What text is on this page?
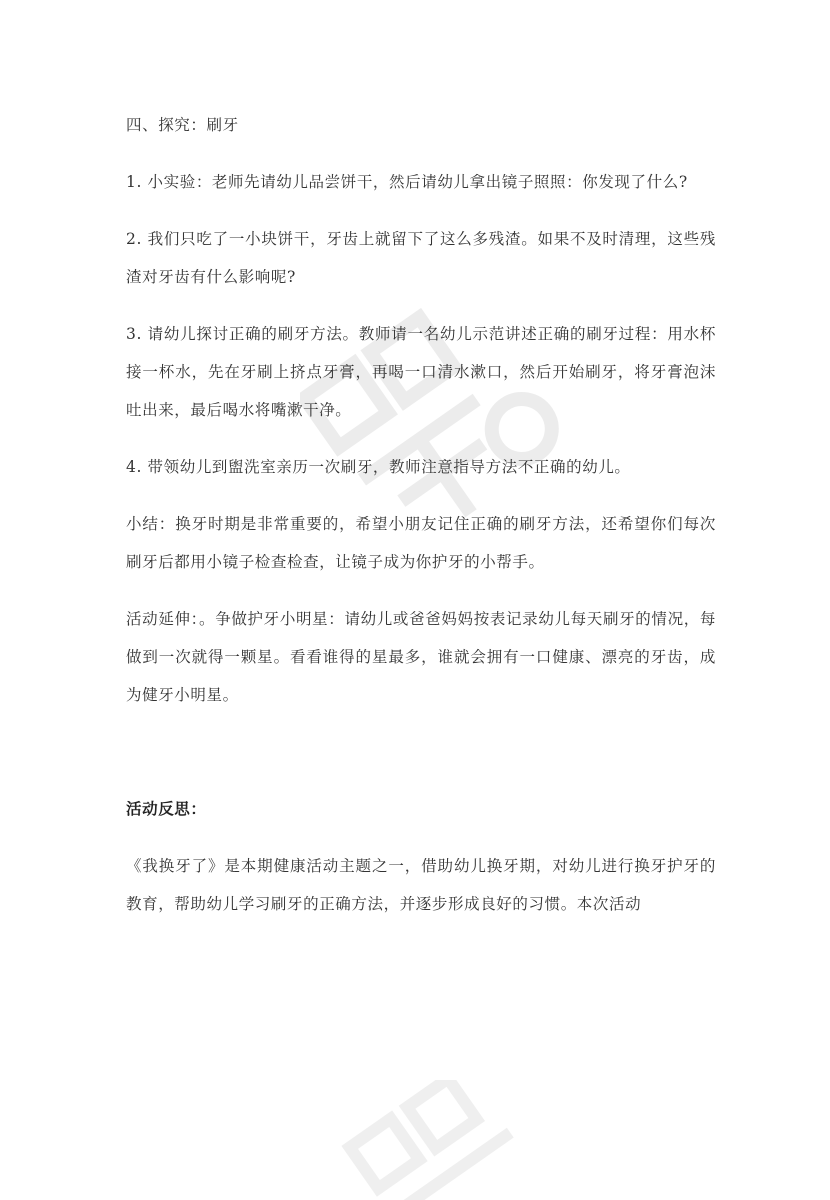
四、探究：刷牙

1. 小实验：老师先请幼儿品尝饼干，然后请幼儿拿出镜子照照：你发现了什么?

2. 我们只吃了一小块饼干，牙齿上就留下了这么多残渣。如果不及时清理，这些残渣对牙齿有什么影响呢?

3. 请幼儿探讨正确的刷牙方法。教师请一名幼儿示范讲述正确的刷牙过程：用水杯接一杯水，先在牙刷上挤点牙膏，再喝一口清水漱口，然后开始刷牙，将牙膏泡沫吐出来，最后喝水将嘴漱干净。

4. 带领幼儿到盥洗室亲历一次刷牙，教师注意指导方法不正确的幼儿。

小结：换牙时期是非常重要的，希望小朋友记住正确的刷牙方法，还希望你们每次刷牙后都用小镜子检查检查，让镜子成为你护牙的小帮手。

活动延伸：。争做护牙小明星：请幼儿或爸爸妈妈按表记录幼儿每天刷牙的情况，每做到一次就得一颗星。看看谁得的星最多，谁就会拥有一口健康、漂亮的牙齿，成为健牙小明星。

活动反思：

《我换牙了》是本期健康活动主题之一，借助幼儿换牙期，对幼儿进行换牙护牙的教育，帮助幼儿学习刷牙的正确方法，并逐步形成良好的习惯。本次活动
